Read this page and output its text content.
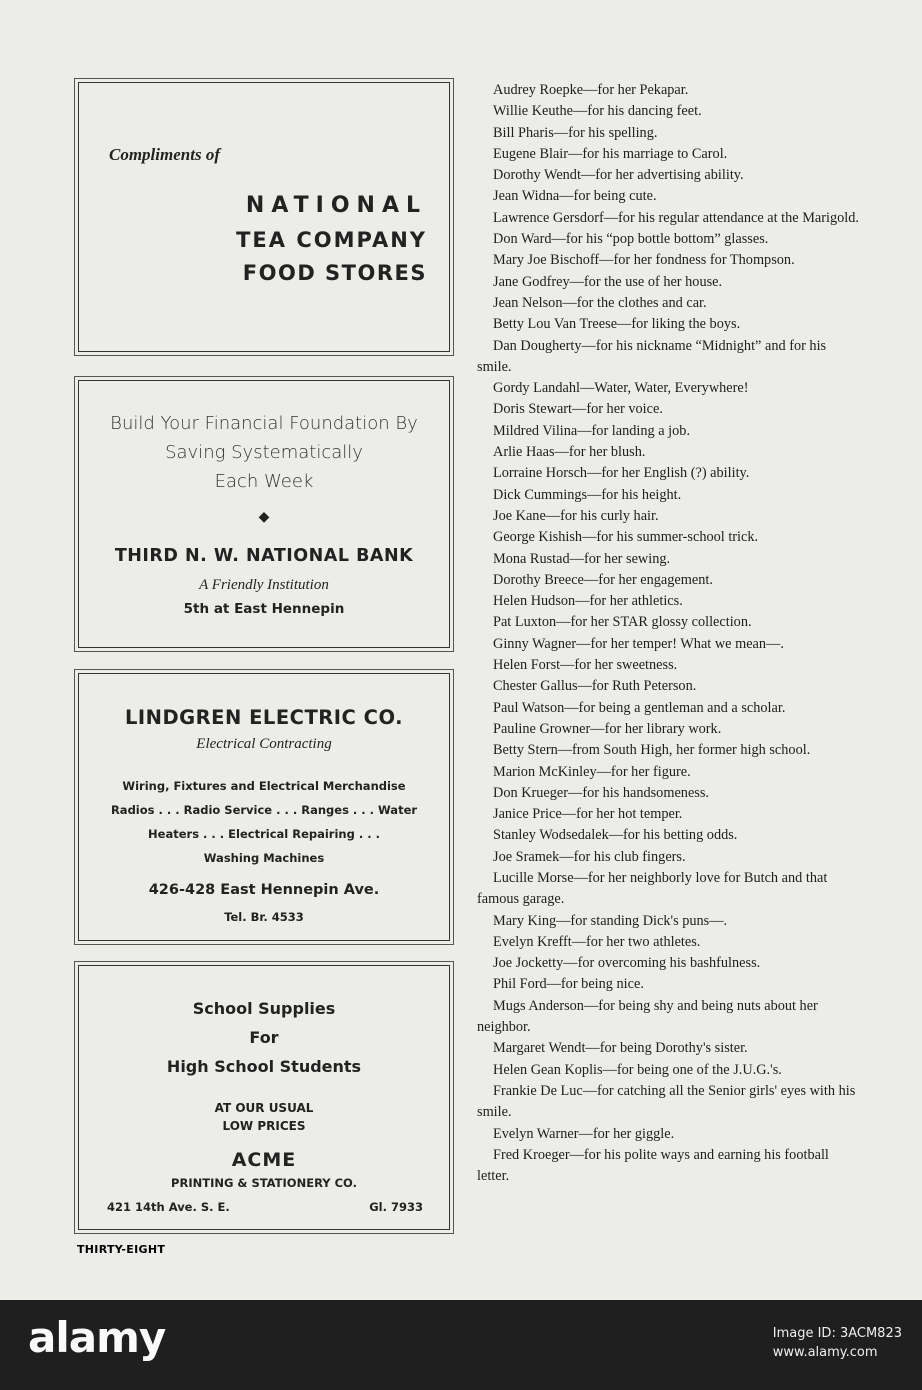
Compliments of
NATIONAL
TEA COMPANY
FOOD STORES
Build Your Financial Foundation By
Saving Systematically
Each Week
◆
THIRD N. W. NATIONAL BANK
A Friendly Institution
5th at East Hennepin
LINDGREN ELECTRIC CO.
Electrical Contracting
Wiring, Fixtures and Electrical Merchandise
Radios . . . Radio Service . . . Ranges . . . Water
Heaters . . . Electrical Repairing . . .
Washing Machines
426-428 East Hennepin Ave.
Tel. Br. 4533
School Supplies
For
High School Students
AT OUR USUAL
LOW PRICES
ACME
PRINTING & STATIONERY CO.
421 14th Ave. S. E.	Gl. 7933
THIRTY-EIGHT

Audrey Roepke—for her Pekapar.

Willie Keuthe—for his dancing feet.

Bill Pharis—for his spelling.

Eugene Blair—for his marriage to Carol.

Dorothy Wendt—for her advertising ability.

Jean Widna—for being cute.

Lawrence Gersdorf—for his regular attendance at the Marigold.

Don Ward—for his “pop bottle bottom” glasses.

Mary Joe Bischoff—for her fondness for Thompson.

Jane Godfrey—for the use of her house.

Jean Nelson—for the clothes and car.

Betty Lou Van Treese—for liking the boys.

Dan Dougherty—for his nickname “Midnight” and for his smile.

Gordy Landahl—Water, Water, Everywhere!

Doris Stewart—for her voice.

Mildred Vilina—for landing a job.

Arlie Haas—for her blush.

Lorraine Horsch—for her English (?) ability.

Dick Cummings—for his height.

Joe Kane—for his curly hair.

George Kishish—for his summer-school trick.

Mona Rustad—for her sewing.

Dorothy Breece—for her engagement.

Helen Hudson—for her athletics.

Pat Luxton—for her STAR glossy collection.

Ginny Wagner—for her temper! What we mean—.

Helen Forst—for her sweetness.

Chester Gallus—for Ruth Peterson.

Paul Watson—for being a gentleman and a scholar.

Pauline Growner—for her library work.

Betty Stern—from South High, her former high school.

Marion McKinley—for her figure.

Don Krueger—for his handsomeness.

Janice Price—for her hot temper.

Stanley Wodsedalek—for his betting odds.

Joe Sramek—for his club fingers.

Lucille Morse—for her neighborly love for Butch and that famous garage.

Mary King—for standing Dick's puns—.

Evelyn Krefft—for her two athletes.

Joe Jocketty—for overcoming his bashfulness.

Phil Ford—for being nice.

Mugs Anderson—for being shy and being nuts about her neighbor.

Margaret Wendt—for being Dorothy's sister.

Helen Gean Koplis—for being one of the J.U.G.'s.

Frankie De Luc—for catching all the Senior girls' eyes with his smile.

Evelyn Warner—for her giggle.

Fred Kroeger—for his polite ways and earning his football letter.

alamy	Image ID: 3ACM823
www.alamy.com
